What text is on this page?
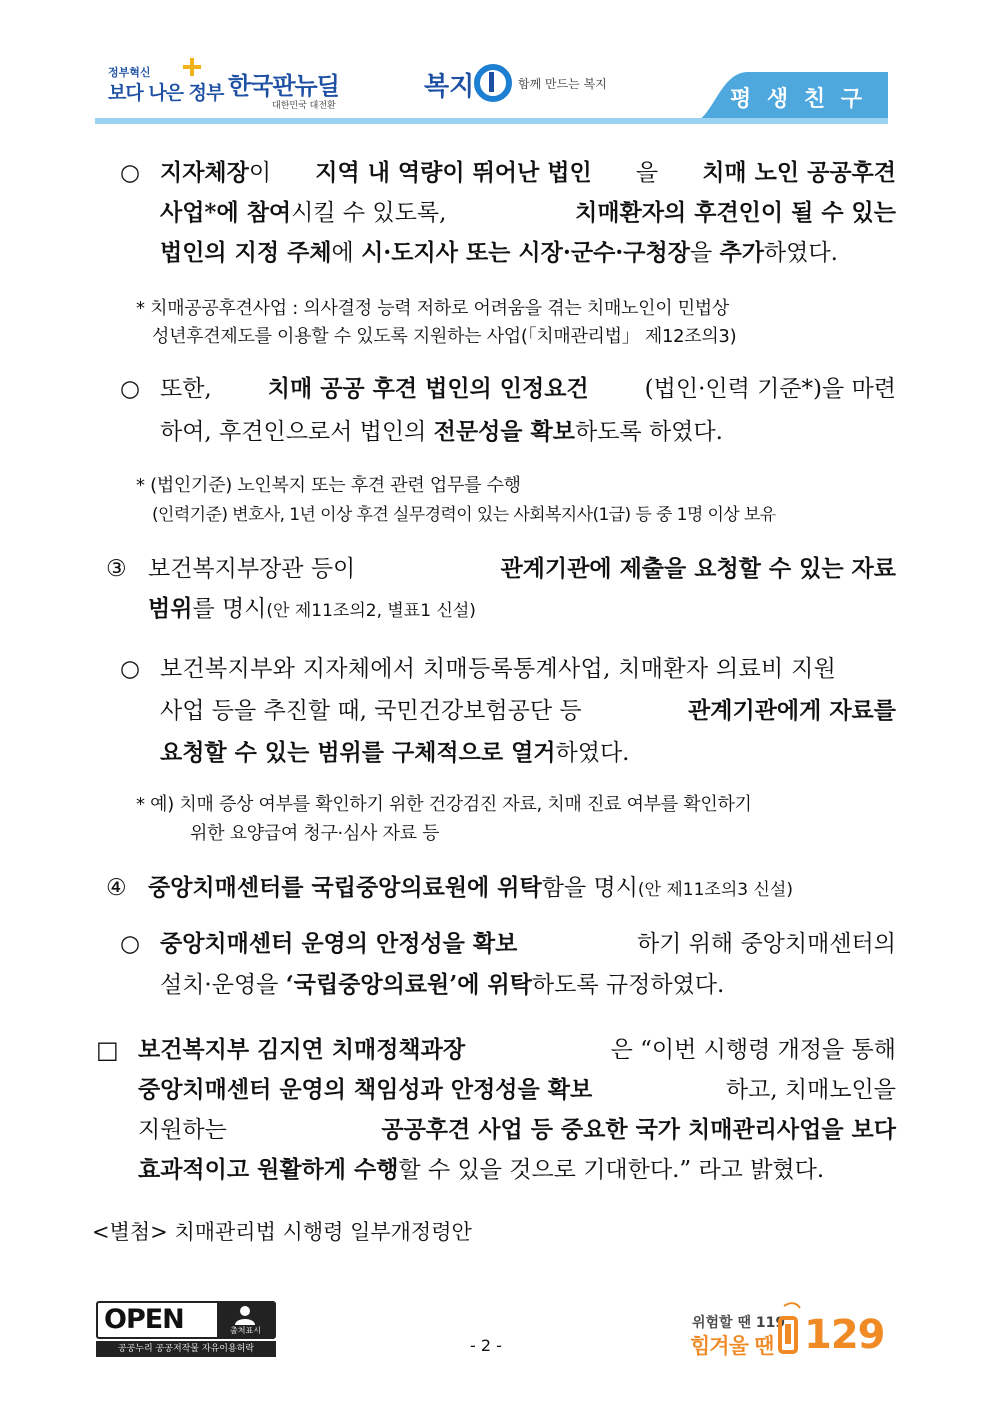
정부혁신
보다 나은 정부 한국판뉴딜
대한민국 대전환
복지	함께 만드는 복지
평 생 친 구
○ 지자체장이 지역 내 역량이 뛰어난 법인 을 치매 노인 공공후견
사업*에 참여시킬 수 있도록,	치매환자의 후견인이 될 수 있는
법인의 지정 주체에 시·도지사 또는 시장·군수·구청장을 추가하였다.
* 치매공공후견사업 : 의사결정 능력 저하로 어려움을 겪는 치매노인이 민법상
성년후견제도를 이용할 수 있도록 지원하는 사업(「치매관리법」 제12조의3)
○ 또한, 치매 공공 후견 법인의 인정요건 (법인·인력 기준*)을 마련
하여, 후견인으로서 법인의 전문성을 확보하도록 하였다.
* (법인기준) 노인복지 또는 후견 관련 업무를 수행
(인력기준) 변호사, 1년 이상 후견 실무경력이 있는 사회복지사(1급) 등 중 1명 이상 보유
③ 보건복지부장관 등이	관계기관에 제출을 요청할 수 있는 자료
범위를 명시(안 제11조의2, 별표1 신설)
○ 보건복지부와 지자체에서 치매등록통계사업, 치매환자 의료비 지원
사업 등을 추진할 때, 국민건강보험공단 등	관계기관에게 자료를
요청할 수 있는 범위를 구체적으로 열거하였다.
* 예) 치매 증상 여부를 확인하기 위한 건강검진 자료, 치매 진료 여부를 확인하기
위한 요양급여 청구·심사 자료 등
④ 중앙치매센터를 국립중앙의료원에 위탁함을 명시(안 제11조의3 신설)
○ 중앙치매센터 운영의 안정성을 확보	하기 위해 중앙치매센터의
설치·운영을 ‘국립중앙의료원’에 위탁하도록 규정하였다.
□ 보건복지부 김지연 치매정책과장	은 “이번 시행령 개정을 통해
중앙치매센터 운영의 책임성과 안정성을 확보	하고, 치매노인을
지원하는	공공후견 사업 등 중요한 국가 치매관리사업을 보다
효과적이고 원활하게 수행할 수 있을 것으로 기대한다.” 라고 밝혔다.
<별첨> 치매관리법 시행령 일부개정령안
OPEN	출처표시
공공누리 공공저작물 자유이용허락	- 2 -
위험할 땐 119
힘겨울 땐 129
